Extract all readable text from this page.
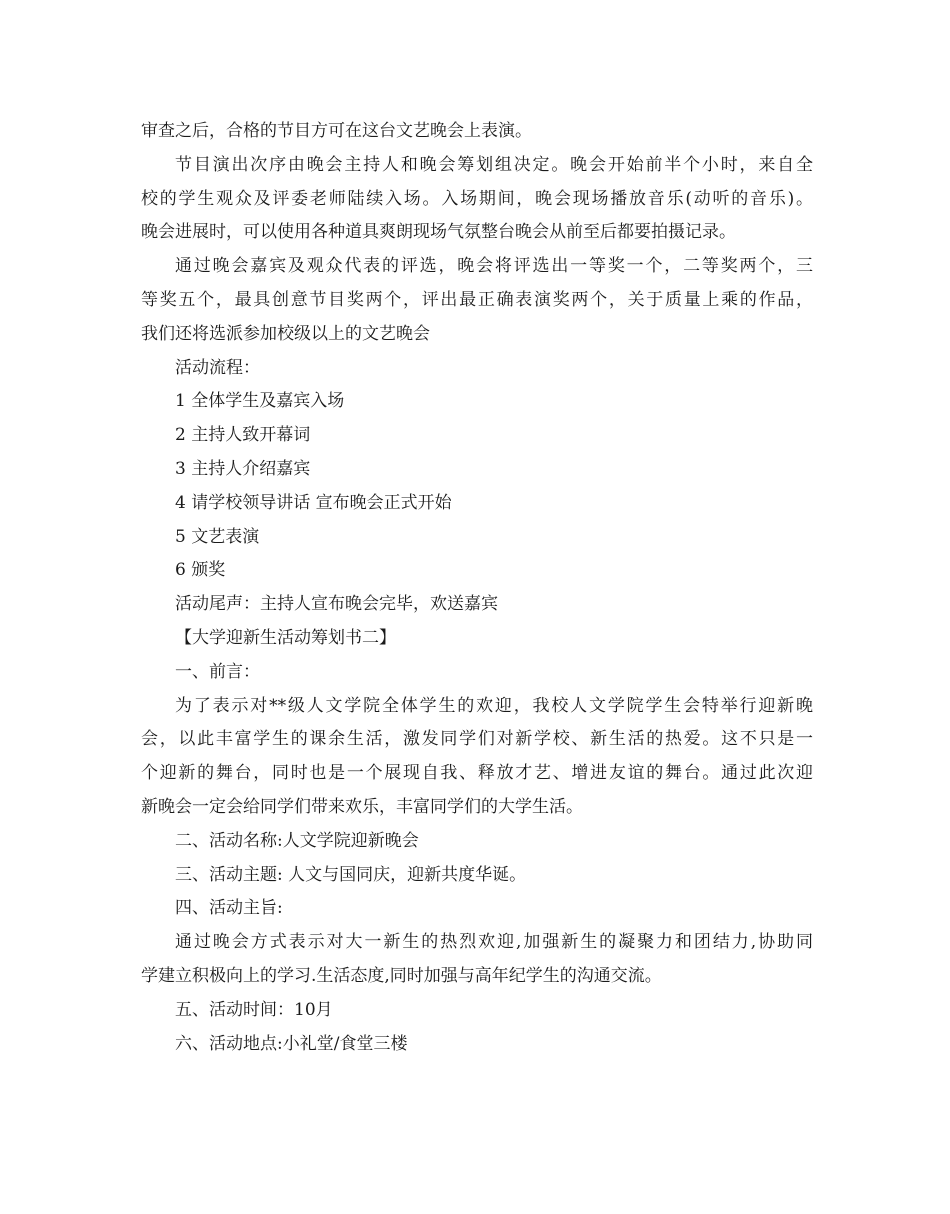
审查之后，合格的节目方可在这台文艺晚会上表演。
节目演出次序由晚会主持人和晚会筹划组决定。晚会开始前半个小时，来自全
校的学生观众及评委老师陆续入场。入场期间，晚会现场播放音乐(动听的音乐)。
晚会进展时，可以使用各种道具爽朗现场气氛整台晚会从前至后都要拍摄记录。
通过晚会嘉宾及观众代表的评选，晚会将评选出一等奖一个，二等奖两个，三
等奖五个，最具创意节目奖两个，评出最正确表演奖两个，关于质量上乘的作品，
我们还将选派参加校级以上的文艺晚会
活动流程：
1 全体学生及嘉宾入场
2 主持人致开幕词
3 主持人介绍嘉宾
4 请学校领导讲话 宣布晚会正式开始
5 文艺表演
6 颁奖
活动尾声：主持人宣布晚会完毕，欢送嘉宾
【大学迎新生活动筹划书二】
一、前言：
为了表示对**级人文学院全体学生的欢迎，我校人文学院学生会特举行迎新晚
会，以此丰富学生的课余生活，激发同学们对新学校、新生活的热爱。这不只是一
个迎新的舞台，同时也是一个展现自我、释放才艺、增进友谊的舞台。通过此次迎
新晚会一定会给同学们带来欢乐，丰富同学们的大学生活。
二、活动名称:人文学院迎新晚会
三、活动主题: 人文与国同庆，迎新共度华诞。
四、活动主旨:
通过晚会方式表示对大一新生的热烈欢迎,加强新生的凝聚力和团结力,协助同
学建立积极向上的学习.生活态度,同时加强与高年纪学生的沟通交流。
五、活动时间：10月
六、活动地点:小礼堂/食堂三楼
